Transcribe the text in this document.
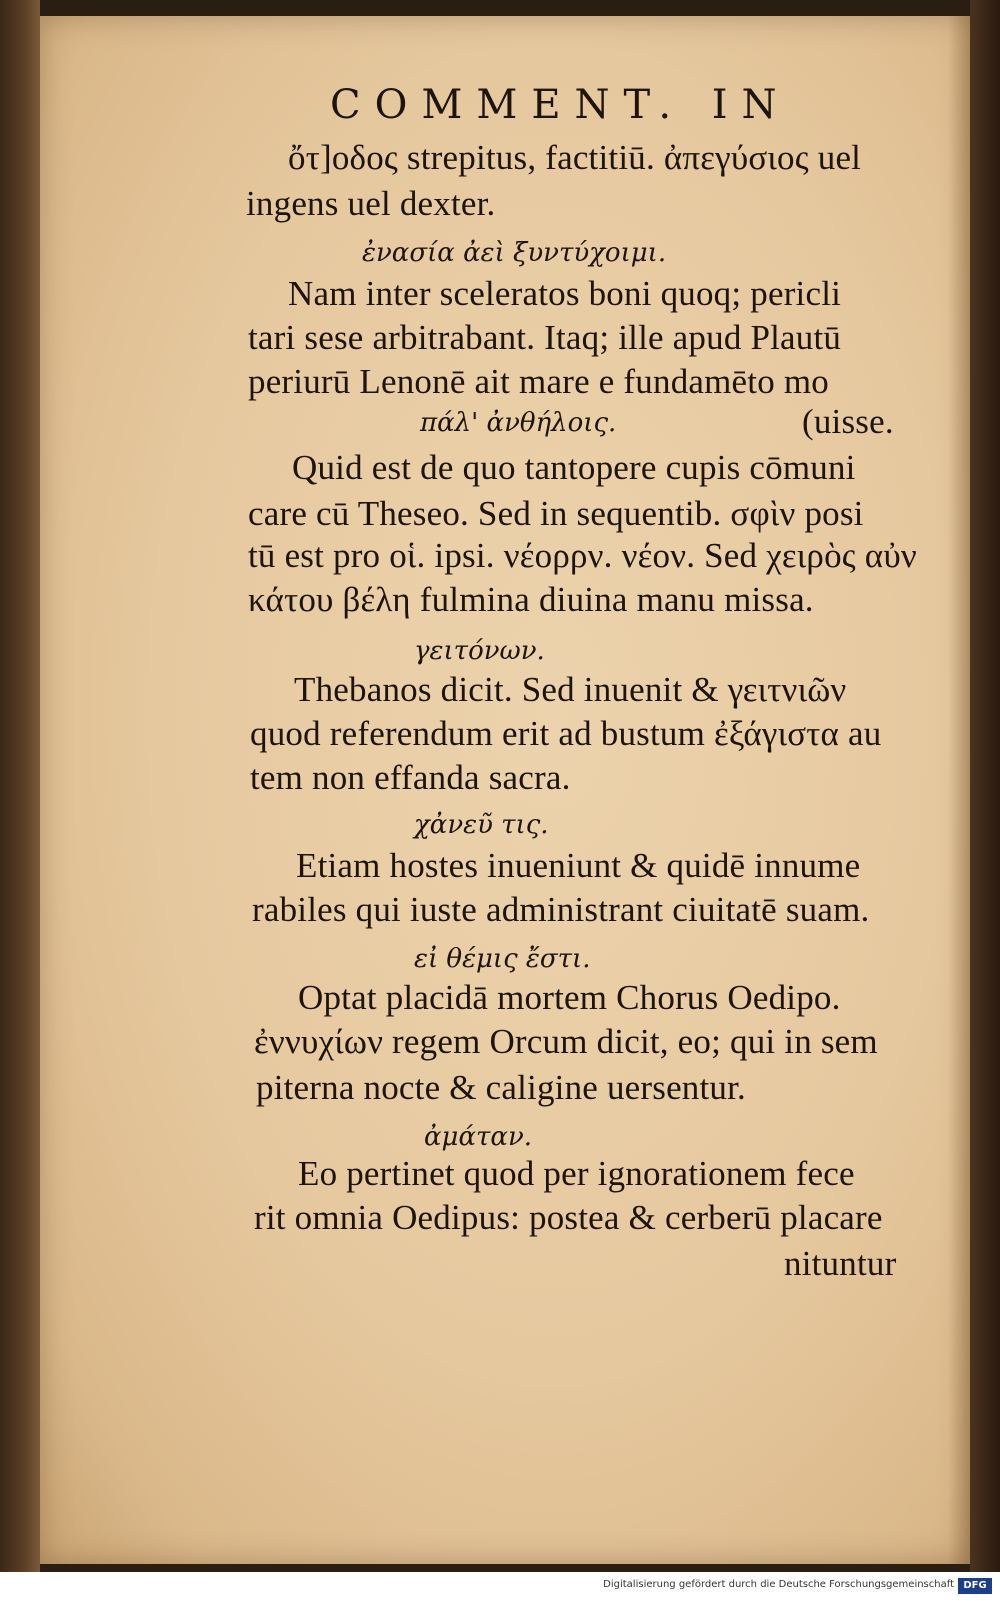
COMMENT. IN
ὄτ]οδος strepitus, factitiū. ἀπεγύσιος uel
ingens uel dexter.
ἐνασία ἀεὶ ξυντύχοιμι.
Nam inter sceleratos boni quoq; pericli
tari sese arbitrabant. Itaq; ille apud Plautū
periurū Lenonē ait mare e fundamēto mo
πάλ' ἀνθήλοις.	(uisse.
Quid est de quo tantopere cupis cōmuni
care cū Theseo. Sed in sequentib. σφὶν posi
tū est pro οἱ. ipsi. νέορρν. νέον. Sed χειρὸς αὐν
κάτου βέλη fulmina diuina manu missa.
γειτόνων.
Thebanos dicit. Sed inuenit & γειτνιῶν
quod referendum erit ad bustum ἐξάγιστα au
tem non effanda sacra.
χἀνεῦ τις.
Etiam hostes inueniunt & quidē innume
rabiles qui iuste administrant ciuitatē suam.
εἰ θέμις ἔστι.
Optat placidā mortem Chorus Oedipo.
ἐννυχίων regem Orcum dicit, eo; qui in sem
piterna nocte & caligine uersentur.
ἀμάταν.
Eo pertinet quod per ignorationem fece
rit omnia Oedipus: postea & cerberū placare
nituntur
Digitalisierung gefördert durch die Deutsche Forschungsgemeinschaft DFG
